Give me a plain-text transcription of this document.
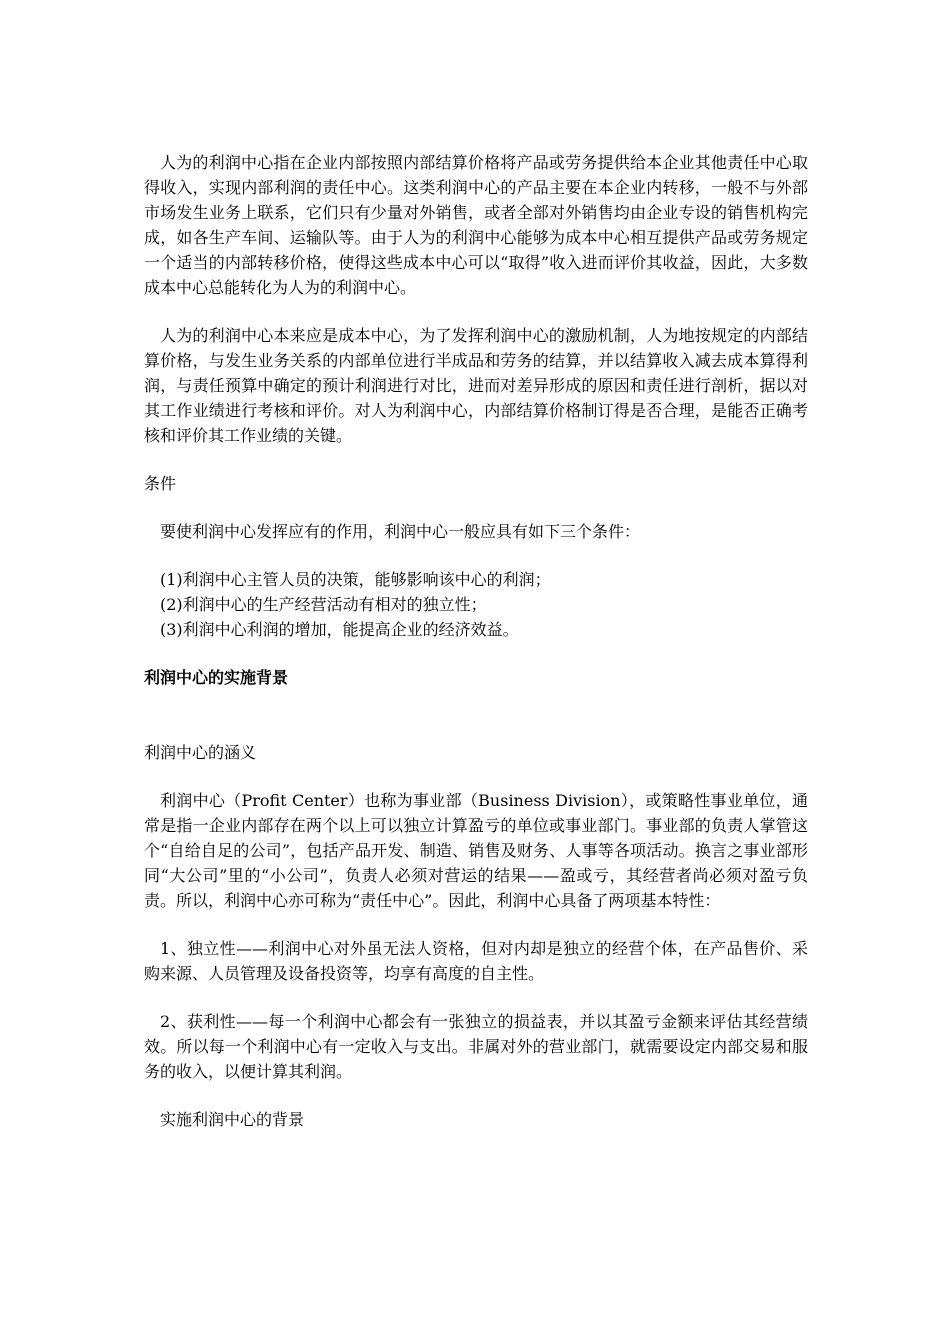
人为的利润中心指在企业内部按照内部结算价格将产品或劳务提供给本企业其他责任中心取得收入，实现内部利润的责任中心。这类利润中心的产品主要在本企业内转移，一般不与外部市场发生业务上联系，它们只有少量对外销售，或者全部对外销售均由企业专设的销售机构完成，如各生产车间、运输队等。由于人为的利润中心能够为成本中心相互提供产品或劳务规定一个适当的内部转移价格，使得这些成本中心可以“取得”收入进而评价其收益，因此，大多数成本中心总能转化为人为的利润中心。

人为的利润中心本来应是成本中心，为了发挥利润中心的激励机制，人为地按规定的内部结算价格，与发生业务关系的内部单位进行半成品和劳务的结算，并以结算收入减去成本算得利润，与责任预算中确定的预计利润进行对比，进而对差异形成的原因和责任进行剖析，据以对其工作业绩进行考核和评价。对人为利润中心，内部结算价格制订得是否合理，是能否正确考核和评价其工作业绩的关键。

条件

要使利润中心发挥应有的作用，利润中心一般应具有如下三个条件：

(1)利润中心主管人员的决策，能够影响该中心的利润；

(2)利润中心的生产经营活动有相对的独立性；

(3)利润中心利润的增加，能提高企业的经济效益。

利润中心的实施背景

利润中心的涵义

利润中心（Profit Center）也称为事业部（Business Division），或策略性事业单位，通常是指一企业内部存在两个以上可以独立计算盈亏的单位或事业部门。事业部的负责人掌管这个“自给自足的公司”，包括产品开发、制造、销售及财务、人事等各项活动。换言之事业部形同“大公司”里的“小公司”，负责人必须对营运的结果——盈或亏，其经营者尚必须对盈亏负责。所以，利润中心亦可称为“责任中心”。因此，利润中心具备了两项基本特性：

1、独立性——利润中心对外虽无法人资格，但对内却是独立的经营个体，在产品售价、采购来源、人员管理及设备投资等，均享有高度的自主性。

2、获利性——每一个利润中心都会有一张独立的损益表，并以其盈亏金额来评估其经营绩效。所以每一个利润中心有一定收入与支出。非属对外的营业部门，就需要设定内部交易和服务的收入，以便计算其利润。

实施利润中心的背景
